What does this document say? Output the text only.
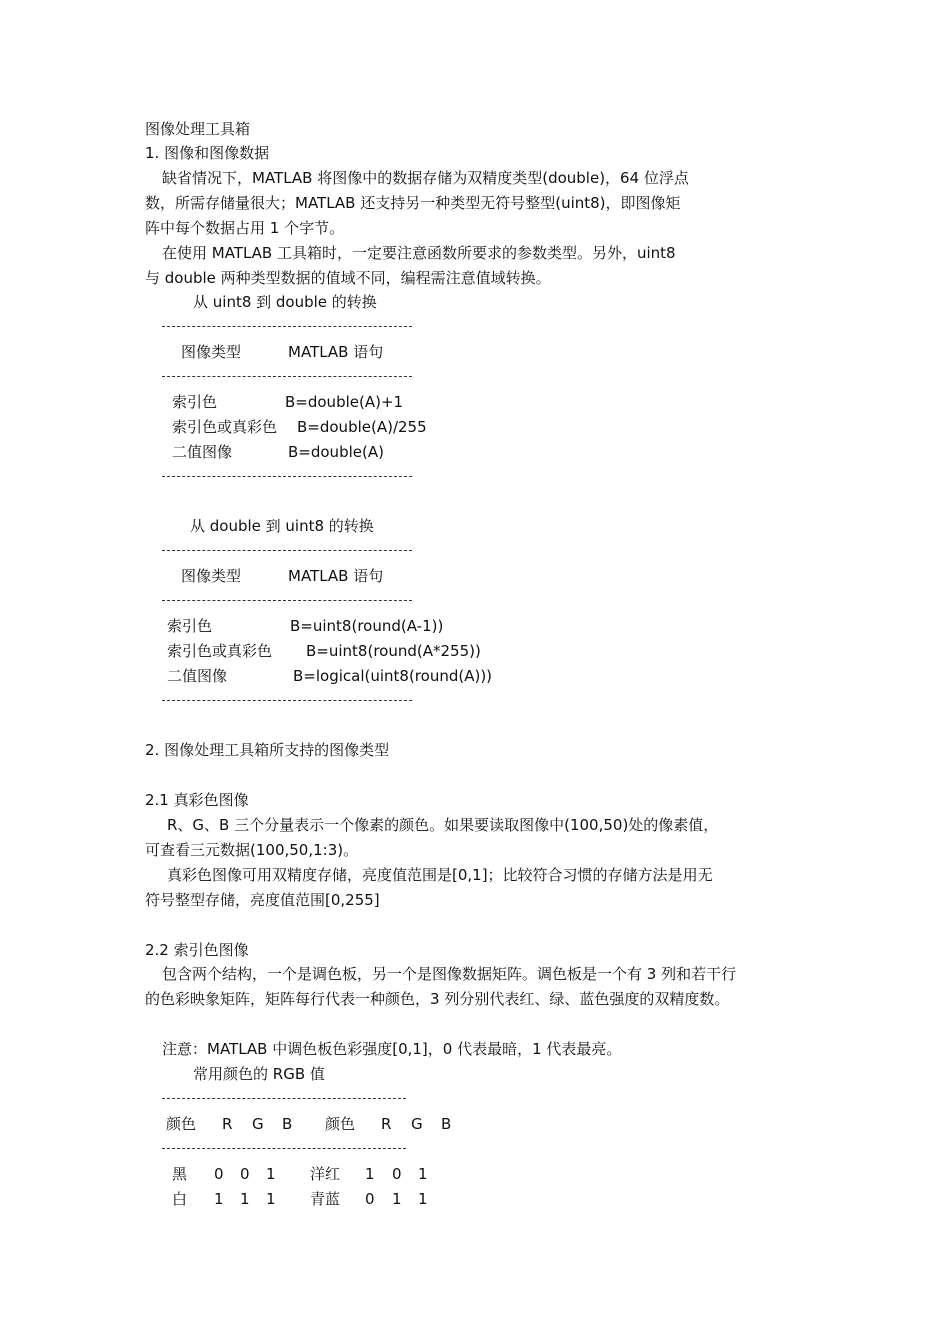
图像处理工具箱
1. 图像和图像数据
缺省情况下，MATLAB 将图像中的数据存储为双精度类型(double)，64 位浮点
数，所需存储量很大；MATLAB 还支持另一种类型无符号整型(uint8)，即图像矩
阵中每个数据占用 1 个字节。
在使用 MATLAB 工具箱时，一定要注意函数所要求的参数类型。另外，uint8
与 double 两种类型数据的值域不同，编程需注意值域转换。
从 uint8 到 double 的转换
图像类型	MATLAB 语句
索引色	B=double(A)+1
索引色或真彩色 B=double(A)/255
二值图像	B=double(A)
从 double 到 uint8 的转换
图像类型	MATLAB 语句
索引色	B=uint8(round(A-1))
索引色或真彩色 B=uint8(round(A*255))
二值图像	B=logical(uint8(round(A)))
2. 图像处理工具箱所支持的图像类型
2.1 真彩色图像
R、G、B 三个分量表示一个像素的颜色。如果要读取图像中(100,50)处的像素值，
可查看三元数据(100,50,1:3)。
真彩色图像可用双精度存储，亮度值范围是[0,1]；比较符合习惯的存储方法是用无
符号整型存储，亮度值范围[0,255]
2.2 索引色图像
包含两个结构，一个是调色板，另一个是图像数据矩阵。调色板是一个有 3 列和若干行
的色彩映象矩阵，矩阵每行代表一种颜色，3 列分别代表红、绿、蓝色强度的双精度数。
注意：MATLAB 中调色板色彩强度[0,1]，0 代表最暗，1 代表最亮。
常用颜色的 RGB 值
颜色 R G B 颜色 R G B
黑 0 0 1 洋红 1 0 1
白 1 1 1 青蓝 0 1 1
